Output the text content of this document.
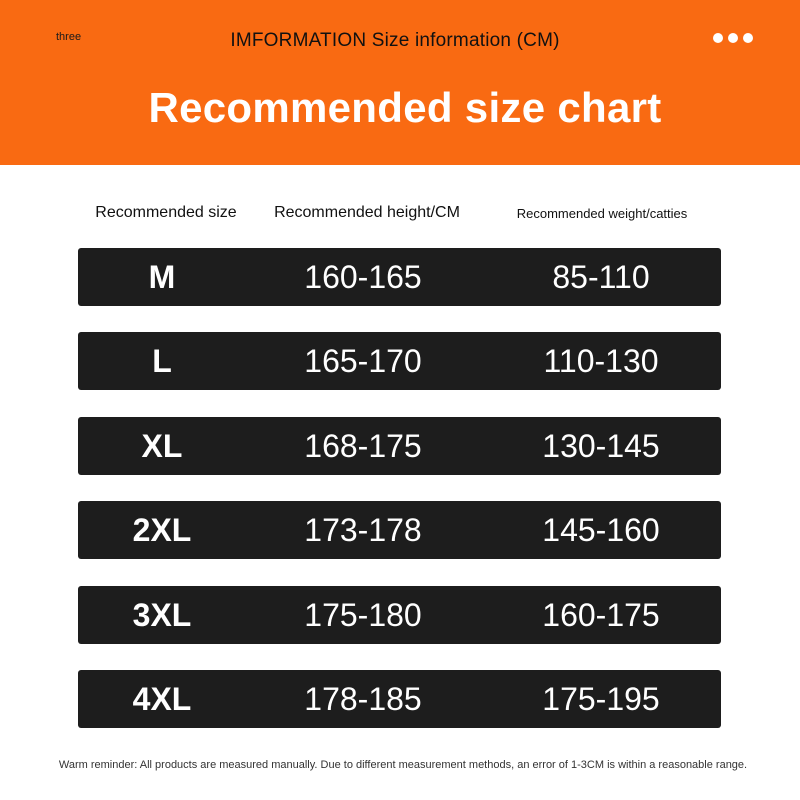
three	IMFORMATION Size information (CM)
Recommended size chart
Recommended size	Recommended height/CM	Recommended weight/catties
M	160-165	85-110
L	165-170	110-130
XL	168-175	130-145
2XL	173-178	145-160
3XL	175-180	160-175
4XL	178-185	175-195
Warm reminder: All products are measured manually. Due to different measurement methods, an error of 1-3CM is within a reasonable range.
